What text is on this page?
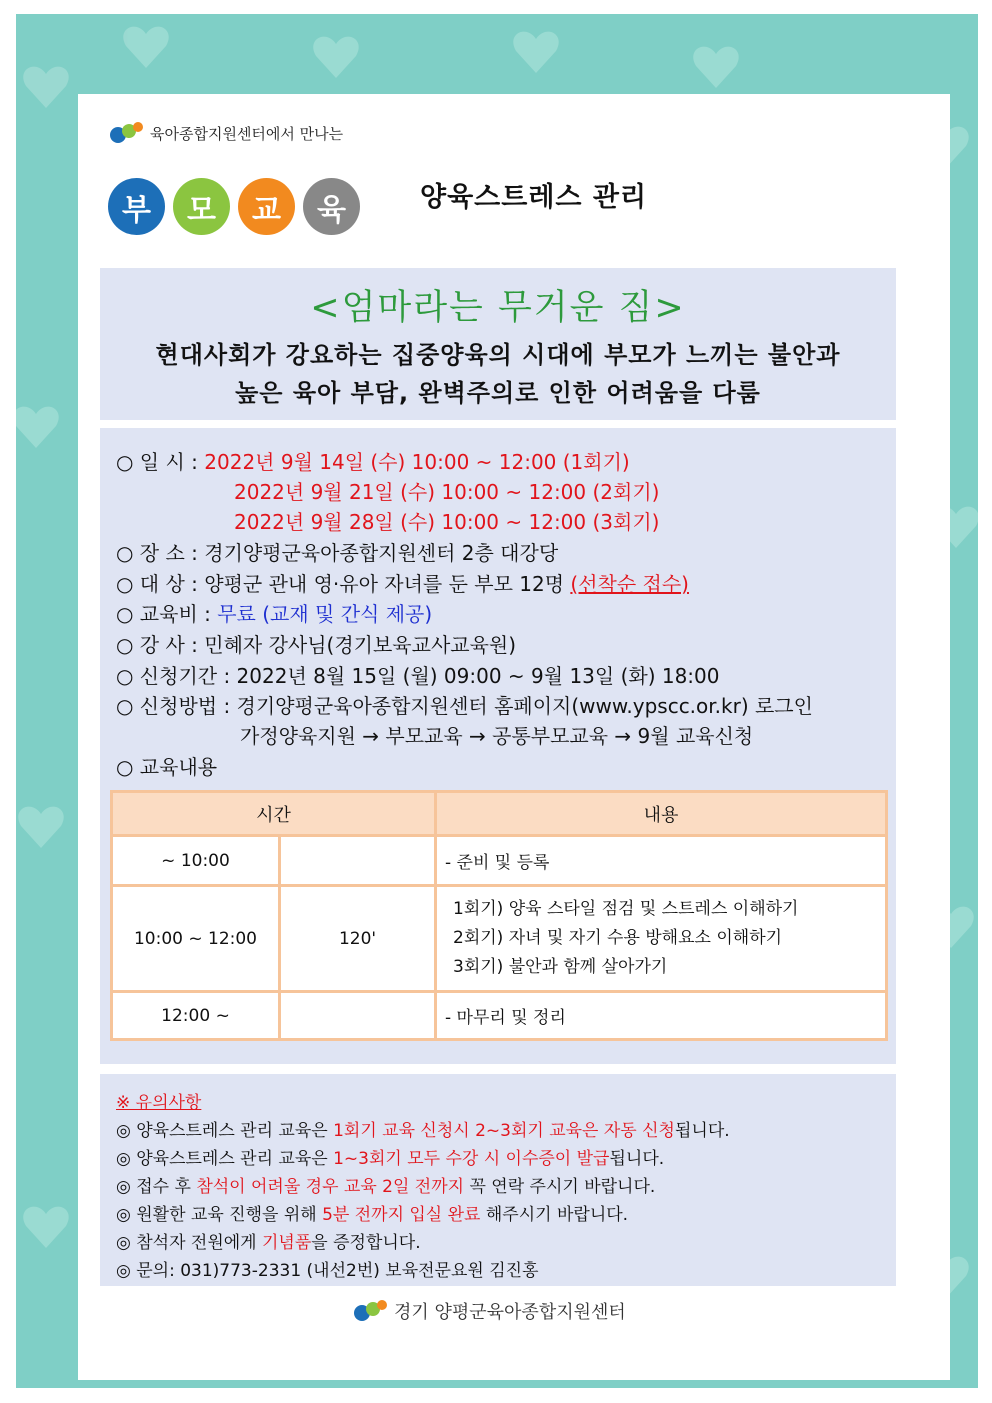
육아종합지원센터에서 만나는
부	모	교	육	양육스트레스 관리
<엄마라는 무거운 짐>
현대사회가 강요하는 집중양육의 시대에 부모가 느끼는 불안과
높은 육아 부담, 완벽주의로 인한 어려움을 다룸
○ 일 시 : 2022년 9월 14일 (수) 10:00 ~ 12:00 (1회기)
2022년 9월 21일 (수) 10:00 ~ 12:00 (2회기)
2022년 9월 28일 (수) 10:00 ~ 12:00 (3회기)
○ 장 소 : 경기양평군육아종합지원센터 2층 대강당
○ 대 상 : 양평군 관내 영‧유아 자녀를 둔 부모 12명 (선착순 접수)
○ 교육비 : 무료 (교재 및 간식 제공)
○ 강 사 : 민혜자 강사님(경기보육교사교육원)
○ 신청기간 : 2022년 8월 15일 (월) 09:00 ~ 9월 13일 (화) 18:00
○ 신청방법 : 경기양평군육아종합지원센터 홈페이지(www.ypscc.or.kr) 로그인
가정양육지원 → 부모교육 → 공통부모교육 → 9월 교육신청
○ 교육내용
시간		내용
~ 10:00		- 준비 및 등록
10:00 ~ 12:00	120'	1회기) 양육 스타일 점검 및 스트레스 이해하기
2회기) 자녀 및 자기 수용 방해요소 이해하기
3회기) 불안과 함께 살아가기

12:00 ~		- 마무리 및 정리
※ 유의사항
◎ 양육스트레스 관리 교육은 1회기 교육 신청시 2~3회기 교육은 자동 신청됩니다.
◎ 양육스트레스 관리 교육은 1~3회기 모두 수강 시 이수증이 발급됩니다.
◎ 접수 후 참석이 어려울 경우 교육 2일 전까지 꼭 연락 주시기 바랍니다.
◎ 원활한 교육 진행을 위해 5분 전까지 입실 완료 해주시기 바랍니다.
◎ 참석자 전원에게 기념품을 증정합니다.
◎ 문의: 031)773-2331 (내선2번) 보육전문요원 김진홍
경기 양평군육아종합지원센터
